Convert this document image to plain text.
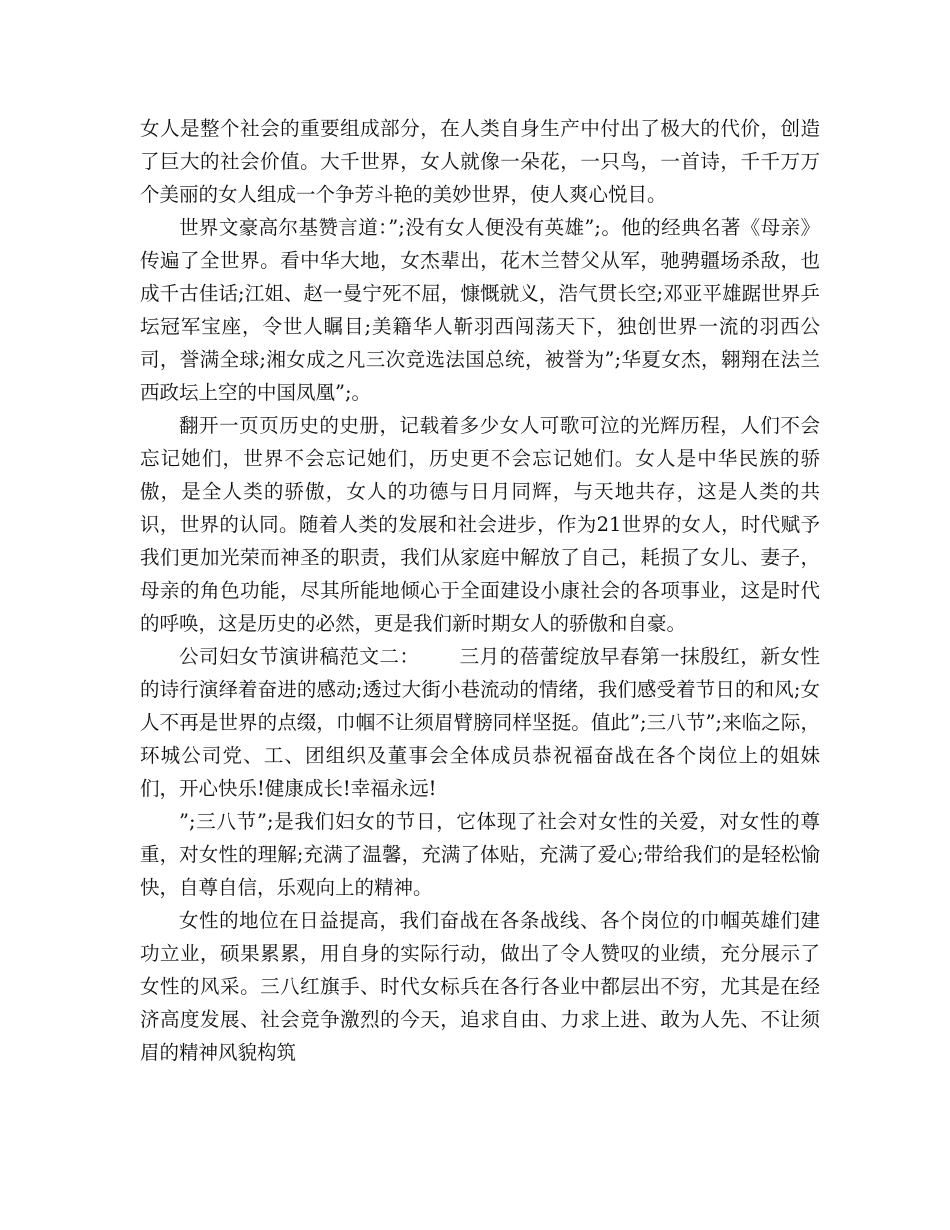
女人是整个社会的重要组成部分，在人类自身生产中付出了极大的代价，创造了巨大的社会价值。大千世界，女人就像一朵花，一只鸟，一首诗，千千万万个美丽的女人组成一个争芳斗艳的美妙世界，使人爽心悦目。

世界文豪高尔基赞言道：”;没有女人便没有英雄”;。他的经典名著《母亲》传遍了全世界。看中华大地，女杰辈出，花木兰替父从军，驰骋疆场杀敌，也成千古佳话;江姐、赵一曼宁死不屈，慷慨就义，浩气贯长空;邓亚平雄踞世界乒坛冠军宝座，令世人瞩目;美籍华人靳羽西闯荡天下，独创世界一流的羽西公司，誉满全球;湘女成之凡三次竞选法国总统，被誉为”;华夏女杰，翱翔在法兰西政坛上空的中国凤凰”;。

翻开一页页历史的史册，记载着多少女人可歌可泣的光辉历程，人们不会忘记她们，世界不会忘记她们，历史更不会忘记她们。女人是中华民族的骄傲，是全人类的骄傲，女人的功德与日月同辉，与天地共存，这是人类的共识，世界的认同。随着人类的发展和社会进步，作为21世界的女人，时代赋予我们更加光荣而神圣的职责，我们从家庭中解放了自己，耗损了女儿、妻子，母亲的角色功能，尽其所能地倾心于全面建设小康社会的各项事业，这是时代的呼唤，这是历史的必然，更是我们新时期女人的骄傲和自豪。

公司妇女节演讲稿范文二： 三月的蓓蕾绽放早春第一抹殷红，新女性的诗行演绎着奋进的感动;透过大街小巷流动的情绪，我们感受着节日的和风;女人不再是世界的点缀，巾帼不让须眉臂膀同样坚挺。值此”;三八节”;来临之际，环城公司党、工、团组织及董事会全体成员恭祝福奋战在各个岗位上的姐妹们，开心快乐!健康成长!幸福永远!

”;三八节”;是我们妇女的节日，它体现了社会对女性的关爱，对女性的尊重，对女性的理解;充满了温馨，充满了体贴，充满了爱心;带给我们的是轻松愉快，自尊自信，乐观向上的精神。

女性的地位在日益提高，我们奋战在各条战线、各个岗位的巾帼英雄们建功立业，硕果累累，用自身的实际行动，做出了令人赞叹的业绩，充分展示了女性的风采。三八红旗手、时代女标兵在各行各业中都层出不穷，尤其是在经济高度发展、社会竞争激烈的今天，追求自由、力求上进、敢为人先、不让须眉的精神风貌构筑
